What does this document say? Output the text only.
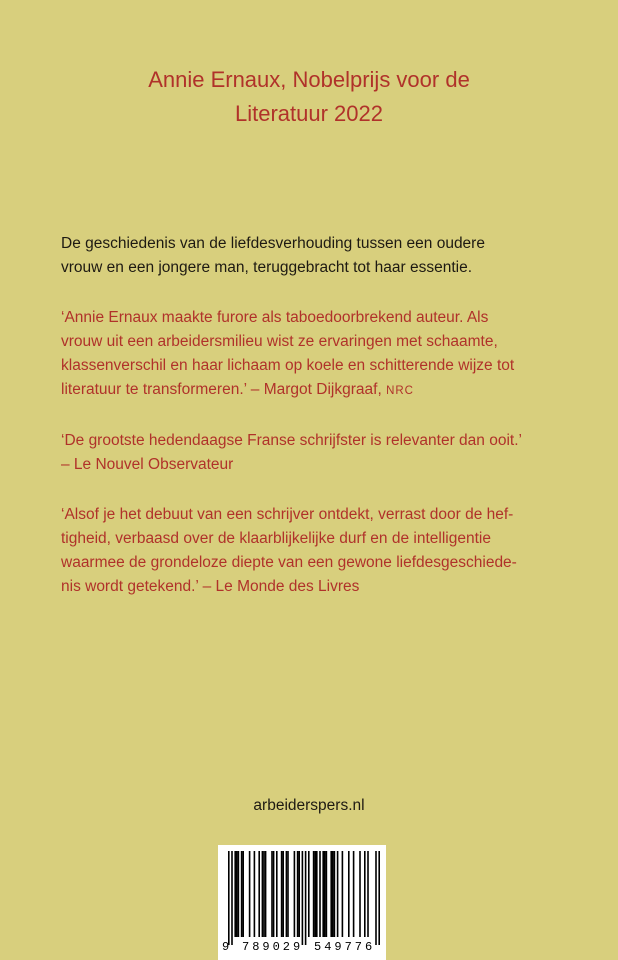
Annie Ernaux, Nobelprijs voor de
Literatuur 2022
De geschiedenis van de liefdesverhouding tussen een oudere
vrouw en een jongere man, teruggebracht tot haar essentie.
‘Annie Ernaux maakte furore als taboedoorbrekend auteur. Als
vrouw uit een arbeidersmilieu wist ze ervaringen met schaamte,
klassenverschil en haar lichaam op koele en schitterende wijze tot
literatuur te transformeren.’ – Margot Dijkgraaf, NRC
‘De grootste hedendaagse Franse schrijfster is relevanter dan ooit.’
– Le Nouvel Observateur
‘Alsof je het debuut van een schrijver ontdekt, verrast door de hef-
tigheid, verbaasd over de klaarblijkelijke durf en de intelligentie
waarmee de grondeloze diepte van een gewone liefdesgeschiede-
nis wordt getekend.’ – Le Monde des Livres
arbeiderspers.nl
9 789029 549776
